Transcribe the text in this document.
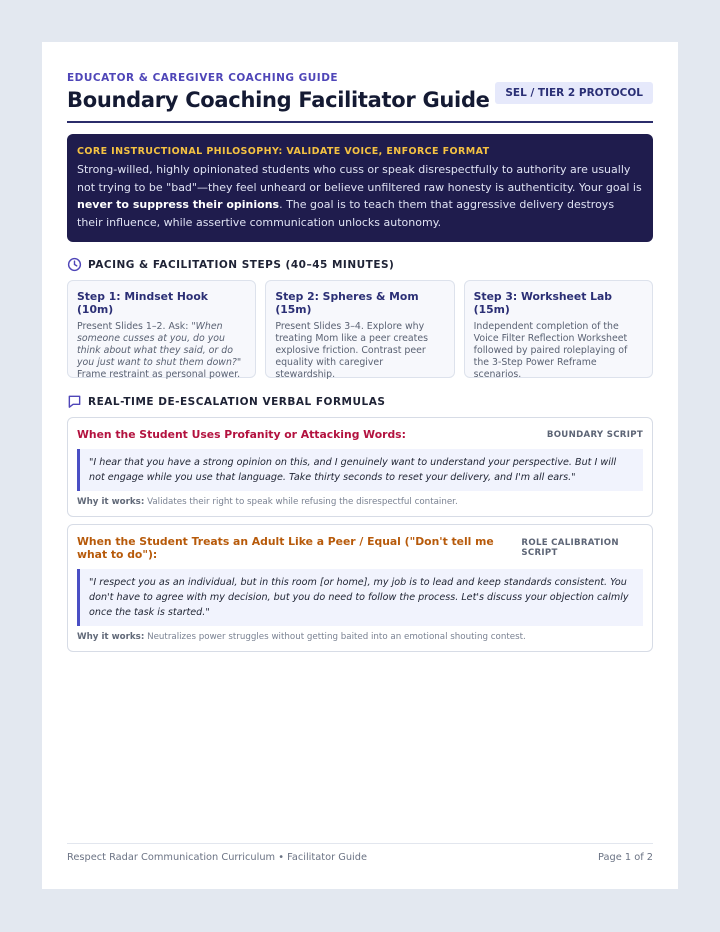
EDUCATOR & CAREGIVER COACHING GUIDE
Boundary Coaching Facilitator Guide	SEL / TIER 2 PROTOCOL
CORE INSTRUCTIONAL PHILOSOPHY: VALIDATE VOICE, ENFORCE FORMAT
Strong-willed, highly opinionated students who cuss or speak disrespectfully to authority are usually not trying to be "bad"—they feel unheard or believe unfiltered raw honesty is authenticity. Your goal is never to suppress their opinions. The goal is to teach them that aggressive delivery destroys their influence, while assertive communication unlocks autonomy.
PACING & FACILITATION STEPS (40–45 MINUTES)
Step 1: Mindset Hook (10m)
Present Slides 1–2. Ask: "When someone cusses at you, do you think about what they said, or do you just want to shut them down?" Frame restraint as personal power.
Step 2: Spheres & Mom (15m)
Present Slides 3–4. Explore why treating Mom like a peer creates explosive friction. Contrast peer equality with caregiver stewardship.
Step 3: Worksheet Lab (15m)
Independent completion of the Voice Filter Reflection Worksheet followed by paired roleplaying of the 3-Step Power Reframe scenarios.
REAL-TIME DE-ESCALATION VERBAL FORMULAS
When the Student Uses Profanity or Attacking Words:	BOUNDARY SCRIPT
"I hear that you have a strong opinion on this, and I genuinely want to understand your perspective. But I will not engage while you use that language. Take thirty seconds to reset your delivery, and I'm all ears."
Why it works: Validates their right to speak while refusing the disrespectful container.
When the Student Treats an Adult Like a Peer / Equal ("Don't tell me what to do"):
ROLE CALIBRATION SCRIPT
"I respect you as an individual, but in this room [or home], my job is to lead and keep standards consistent. You don't have to agree with my decision, but you do need to follow the process. Let's discuss your objection calmly once the task is started."
Why it works: Neutralizes power struggles without getting baited into an emotional shouting contest.
Respect Radar Communication Curriculum • Facilitator Guide	Page 1 of 2
